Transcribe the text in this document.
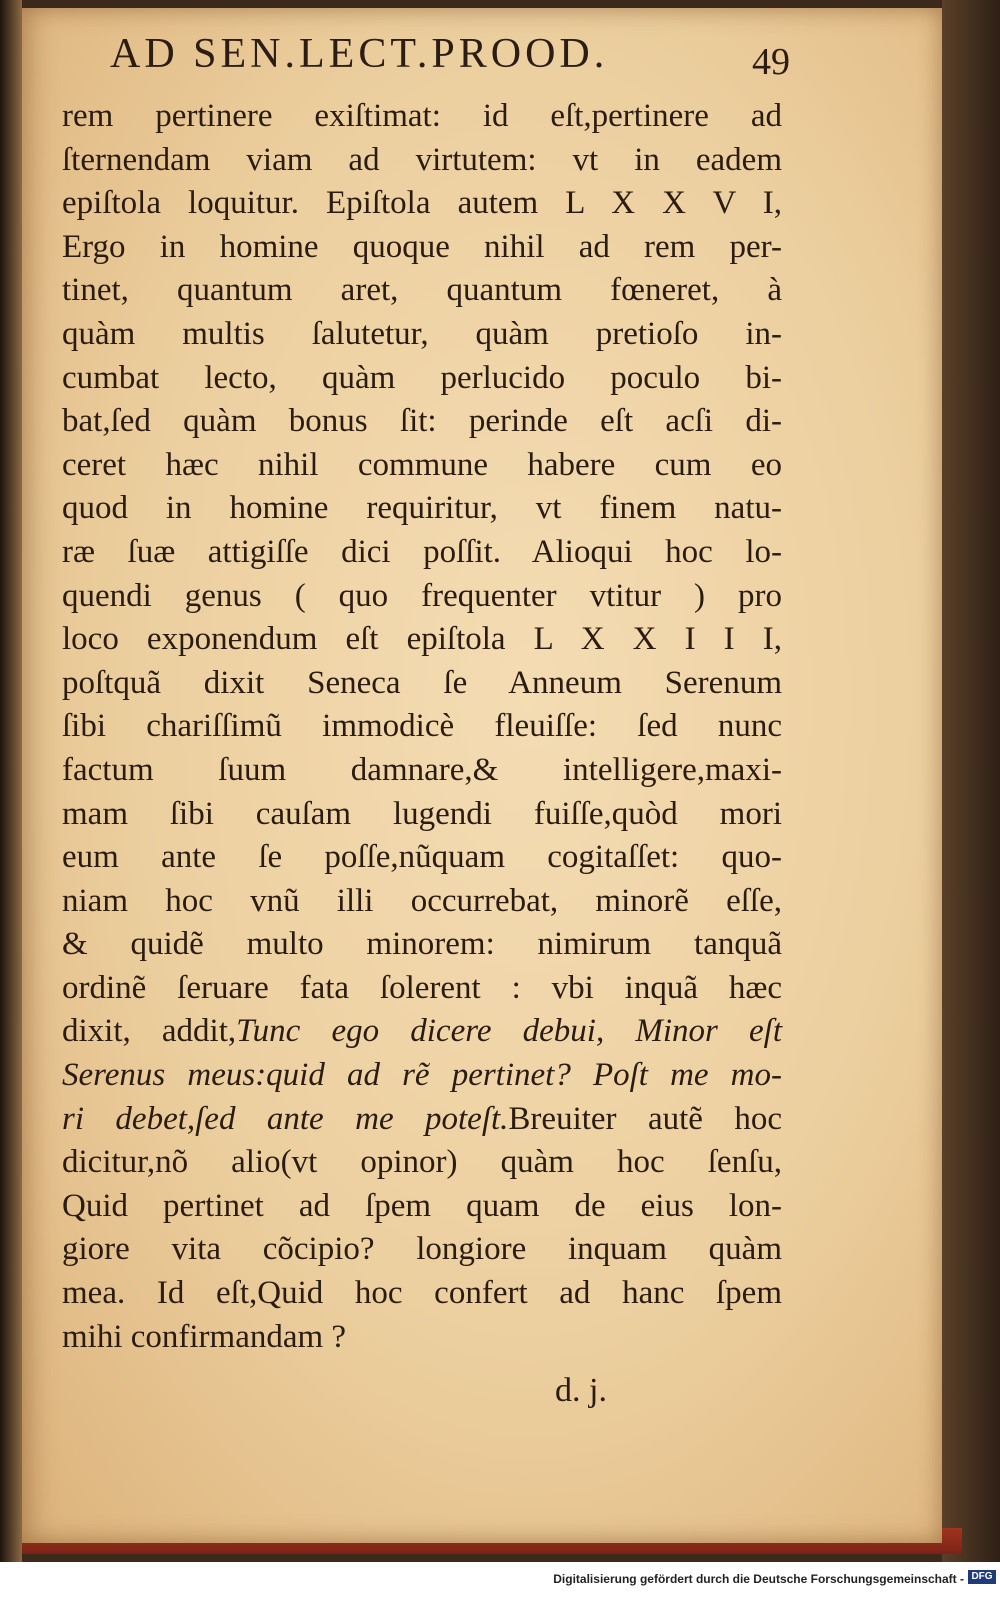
AD SEN.LECT.PROOD.	49
rem pertinere exiſtimat: id eſt,pertinere ad
ſternendam viam ad virtutem: vt in eadem
epiſtola loquitur. Epiſtola autem L X X V I,
Ergo in homine quoque nihil ad rem per-
tinet, quantum aret, quantum fœneret, à
quàm multis ſalutetur, quàm pretioſo in-
cumbat lecto, quàm perlucido poculo bi-
bat,ſed quàm bonus ſit: perinde eſt acſi di-
ceret hæc nihil commune habere cum eo
quod in homine requiritur, vt finem natu-
ræ ſuæ attigiſſe dici poſſit. Alioqui hoc lo-
quendi genus ( quo frequenter vtitur ) pro
loco exponendum eſt epiſtola L X X I I I,
poſtquã dixit Seneca ſe Anneum Serenum
ſibi chariſſimũ immodicè fleuiſſe: ſed nunc
factum ſuum damnare,& intelligere,maxi-
mam ſibi cauſam lugendi fuiſſe,quòd mori
eum ante ſe poſſe,nũquam cogitaſſet: quo-
niam hoc vnũ illi occurrebat, minorẽ eſſe,
& quidẽ multo minorem: nimirum tanquã
ordinẽ ſeruare fata ſolerent : vbi inquã hæc
dixit, addit,Tunc ego dicere debui, Minor eſt
Serenus meus:quid ad rẽ pertinet? Poſt me mo-
ri debet,ſed ante me poteſt.Breuiter autẽ hoc
dicitur,nõ alio(vt opinor) quàm hoc ſenſu,
Quid pertinet ad ſpem quam de eius lon-
giore vita cõcipio? longiore inquam quàm
mea. Id eſt,Quid hoc confert ad hanc ſpem
mihi confirmandam ?
d. j.
Digitalisierung gefördert durch die Deutsche Forschungsgemeinschaft - DFG
